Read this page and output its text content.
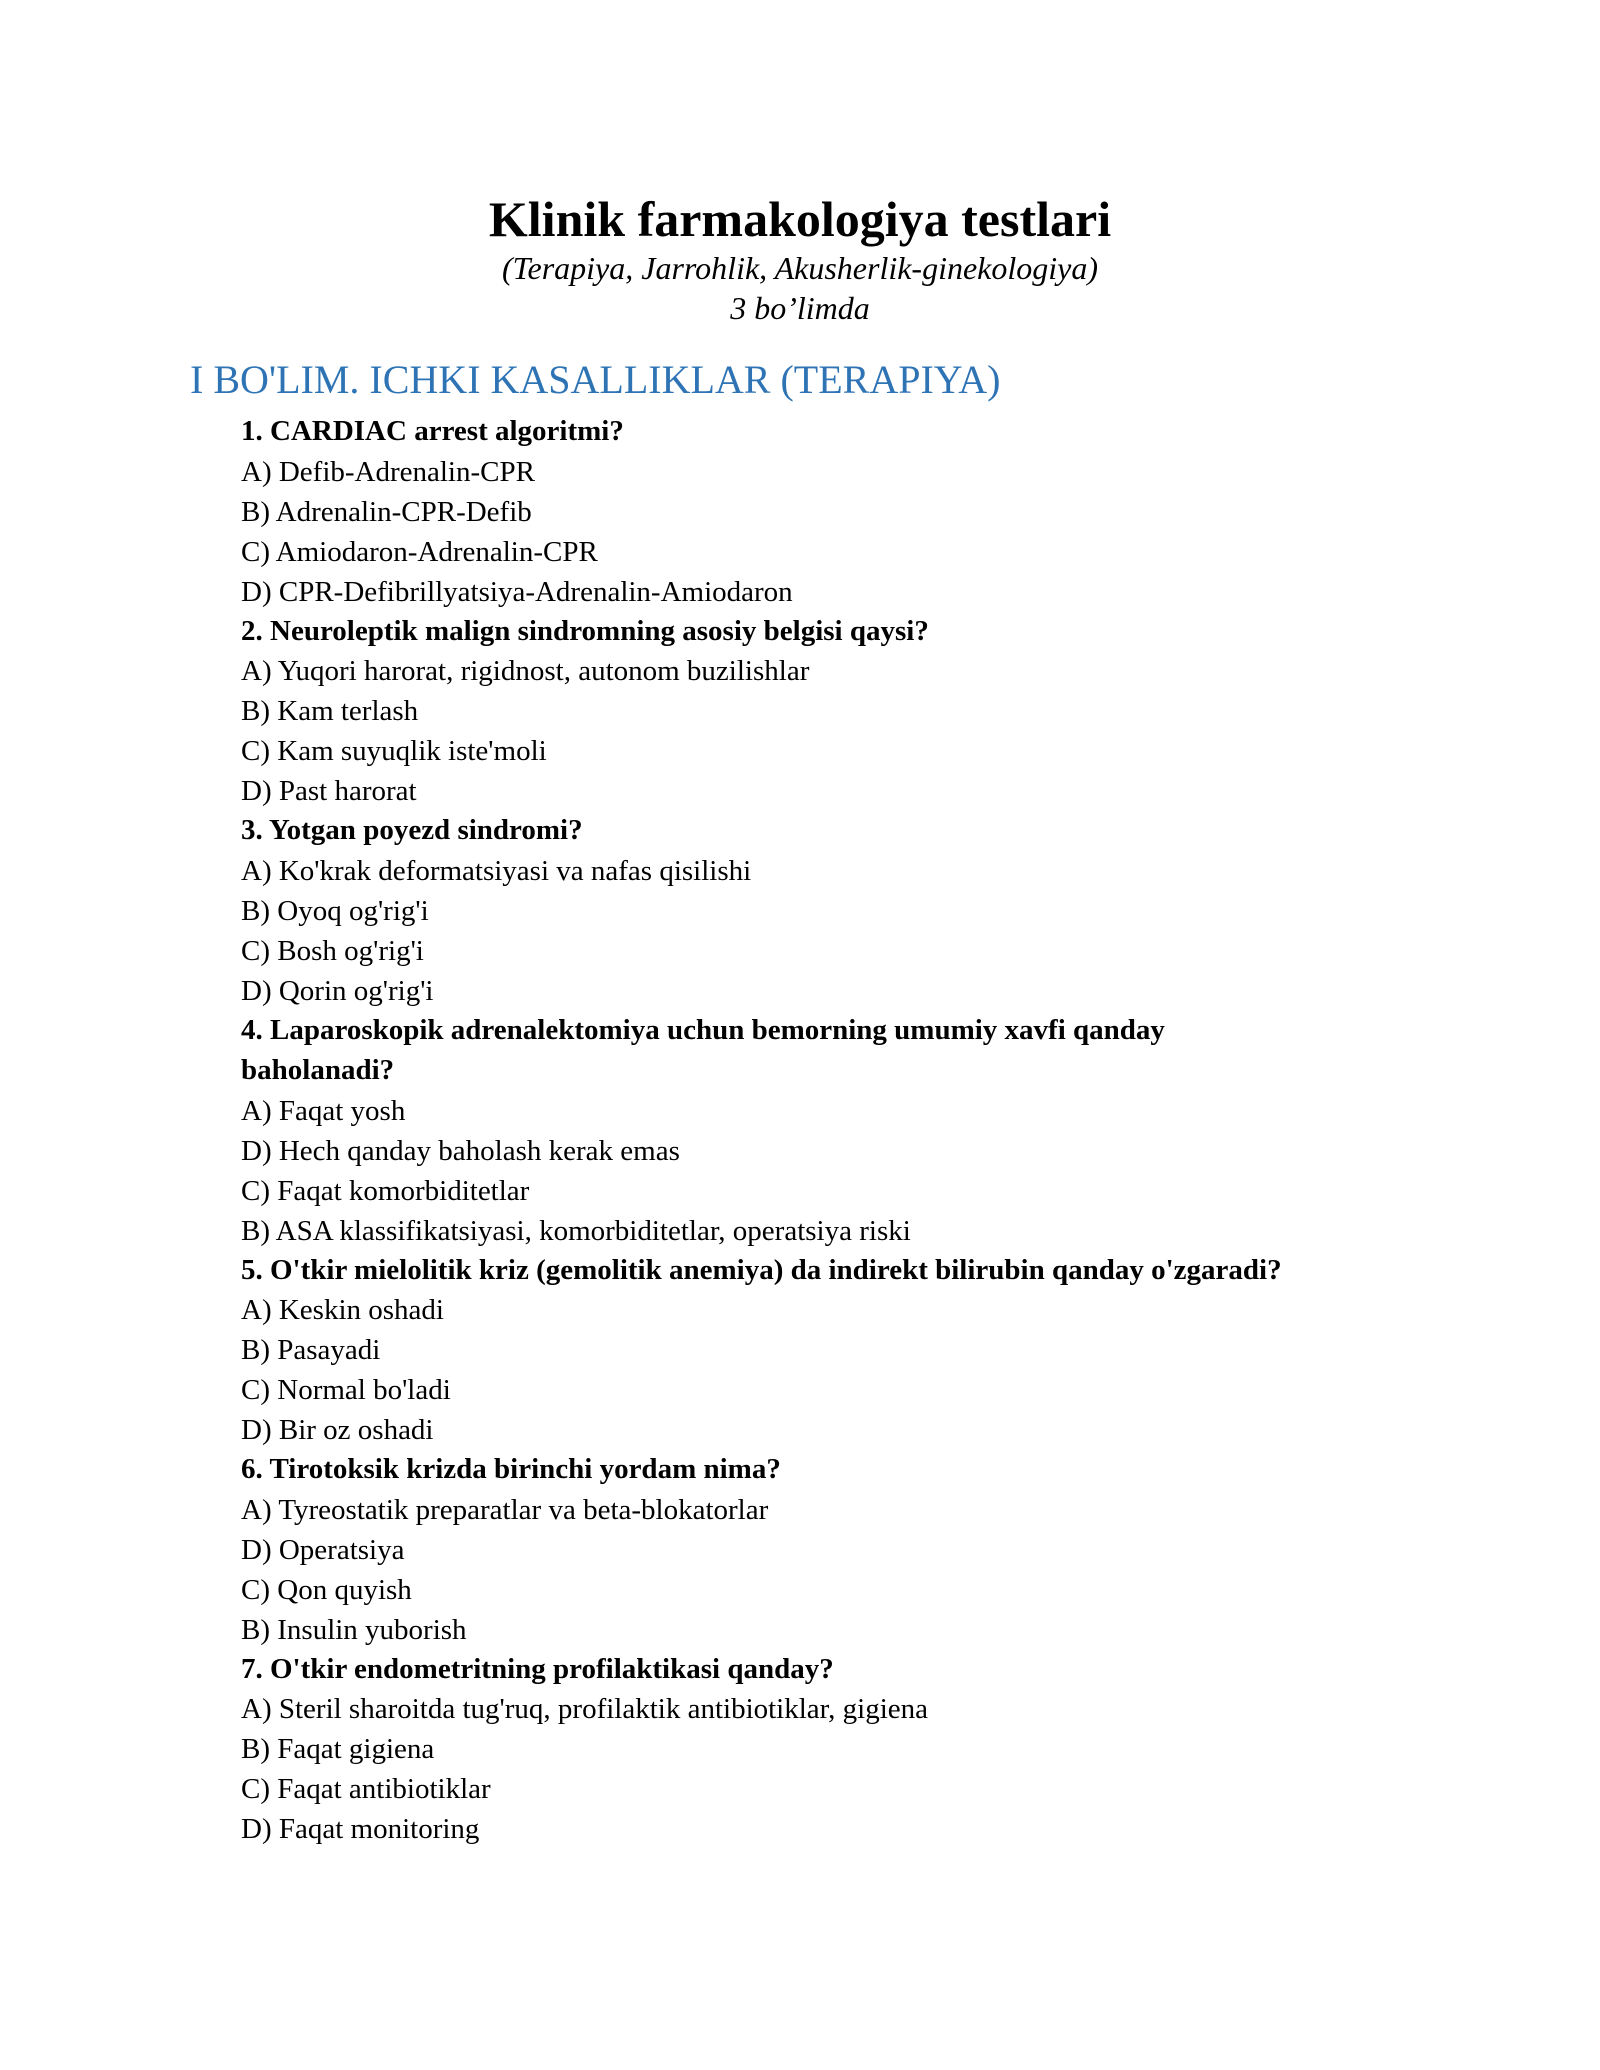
Klinik farmakologiya testlari

(Terapiya, Jarrohlik, Akusherlik-ginekologiya)

3 bo’limda

I BO'LIM. ICHKI KASALLIKLAR (TERAPIYA)

1. CARDIAC arrest algoritmi?

A) Defib-Adrenalin-CPR

B) Adrenalin-CPR-Defib

C) Amiodaron-Adrenalin-CPR

D) CPR-Defibrillyatsiya-Adrenalin-Amiodaron

2. Neuroleptik malign sindromning asosiy belgisi qaysi?

A) Yuqori harorat, rigidnost, autonom buzilishlar

B) Kam terlash

C) Kam suyuqlik iste'moli

D) Past harorat

3. Yotgan poyezd sindromi?

A) Ko'krak deformatsiyasi va nafas qisilishi

B) Oyoq og'rig'i

C) Bosh og'rig'i

D) Qorin og'rig'i

4. Laparoskopik adrenalektomiya uchun bemorning umumiy xavfi qanday

baholanadi?

A) Faqat yosh

D) Hech qanday baholash kerak emas

C) Faqat komorbiditetlar

B) ASA klassifikatsiyasi, komorbiditetlar, operatsiya riski

5. O'tkir mielolitik kriz (gemolitik anemiya) da indirekt bilirubin qanday o'zgaradi?

A) Keskin oshadi

B) Pasayadi

C) Normal bo'ladi

D) Bir oz oshadi

6. Tirotoksik krizda birinchi yordam nima?

A) Tyreostatik preparatlar va beta-blokatorlar

D) Operatsiya

C) Qon quyish

B) Insulin yuborish

7. O'tkir endometritning profilaktikasi qanday?

A) Steril sharoitda tug'ruq, profilaktik antibiotiklar, gigiena

B) Faqat gigiena

C) Faqat antibiotiklar

D) Faqat monitoring
